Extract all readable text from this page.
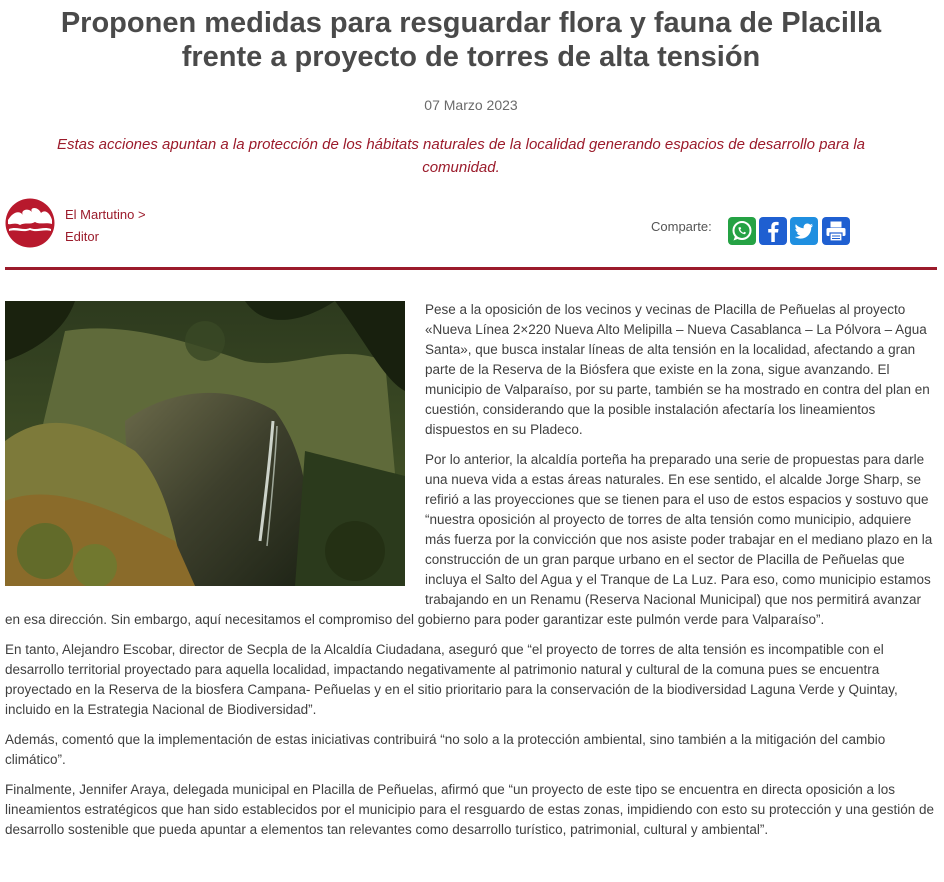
Proponen medidas para resguardar flora y fauna de Placilla frente a proyecto de torres de alta tensión
07 Marzo 2023
Estas acciones apuntan a la protección de los hábitats naturales de la localidad generando espacios de desarrollo para la comunidad.
El Martutino >
Editor
Comparte:

Pese a la oposición de los vecinos y vecinas de Placilla de Peñuelas al proyecto «Nueva Línea 2×220 Nueva Alto Melipilla – Nueva Casablanca – La Pólvora – Agua Santa», que busca instalar líneas de alta tensión en la localidad, afectando a gran parte de la Reserva de la Biósfera que existe en la zona, sigue avanzando. El municipio de Valparaíso, por su parte, también se ha mostrado en contra del plan en cuestión, considerando que la posible instalación afectaría los lineamientos dispuestos en su Pladeco.

Por lo anterior, la alcaldía porteña ha preparado una serie de propuestas para darle una nueva vida a estas áreas naturales. En ese sentido, el alcalde Jorge Sharp, se refirió a las proyecciones que se tienen para el uso de estos espacios y sostuvo que “nuestra oposición al proyecto de torres de alta tensión como municipio, adquiere más fuerza por la convicción que nos asiste poder trabajar en el mediano plazo en la construcción de un gran parque urbano en el sector de Placilla de Peñuelas que incluya el Salto del Agua y el Tranque de La Luz. Para eso, como municipio estamos trabajando en un Renamu (Reserva Nacional Municipal) que nos permitirá avanzar en esa dirección. Sin embargo, aquí necesitamos el compromiso del gobierno para poder garantizar este pulmón verde para Valparaíso”.

En tanto, Alejandro Escobar, director de Secpla de la Alcaldía Ciudadana, aseguró que “el proyecto de torres de alta tensión es incompatible con el desarrollo territorial proyectado para aquella localidad, impactando negativamente al patrimonio natural y cultural de la comuna pues se encuentra proyectado en la Reserva de la biosfera Campana- Peñuelas y en el sitio prioritario para la conservación de la biodiversidad Laguna Verde y Quintay, incluido en la Estrategia Nacional de Biodiversidad”.

Además, comentó que la implementación de estas iniciativas contribuirá “no solo a la protección ambiental, sino también a la mitigación del cambio climático”.

Finalmente, Jennifer Araya, delegada municipal en Placilla de Peñuelas, afirmó que “un proyecto de este tipo se encuentra en directa oposición a los lineamientos estratégicos que han sido establecidos por el municipio para el resguardo de estas zonas, impidiendo con esto su protección y una gestión de desarrollo sostenible que pueda apuntar a elementos tan relevantes como desarrollo turístico, patrimonial, cultural y ambiental”.
